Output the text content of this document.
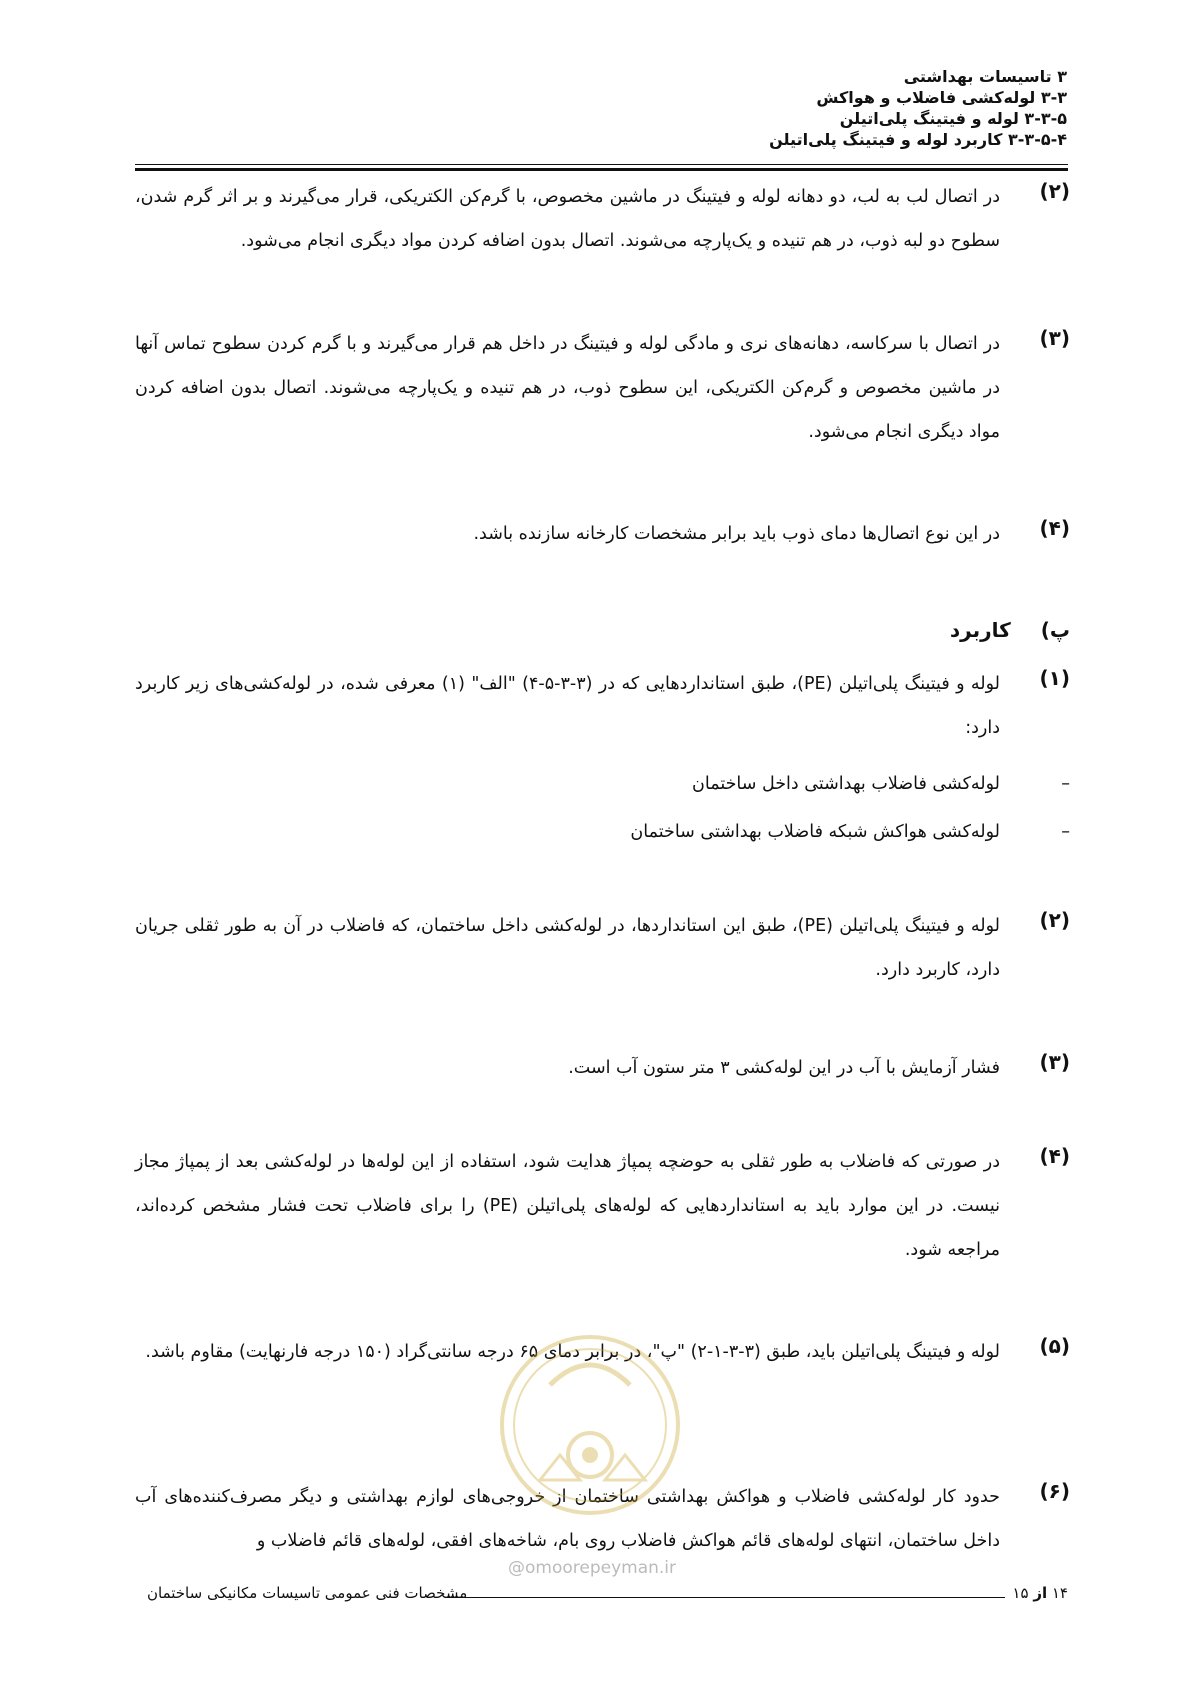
۳ تاسیسات بهداشتی
۳-۳ لوله‌کشی فاضلاب و هواکش
۳-۳-۵ لوله و فیتینگ پلی‌اتیلن
۳-۳-۵-۴ کاربرد لوله و فیتینگ پلی‌اتیلن
(۲)
در اتصال لب به لب، دو دهانه لوله و فیتینگ در ماشین مخصوص، با گرم‌کن الکتریکی، قرار می‌گیرند و بر اثر گرم شدن، سطوح دو لبه ذوب، در هم تنیده و یک‌پارچه می‌شوند. اتصال بدون اضافه کردن مواد دیگری انجام می‌شود.
(۳)
در اتصال با سرکاسه، دهانه‌های نری و مادگی لوله و فیتینگ در داخل هم قرار می‌گیرند و با گرم کردن سطوح تماس آنها در ماشین مخصوص و گرم‌کن الکتریکی، این سطوح ذوب، در هم تنیده و یک‌پارچه می‌شوند. اتصال بدون اضافه کردن مواد دیگری انجام می‌شود.
(۴)
در این نوع اتصال‌ها دمای ذوب باید برابر مشخصات کارخانه سازنده باشد.
پ)
کاربرد
(۱)
لوله و فیتینگ پلی‌اتیلن (PE)، طبق استانداردهایی که در (۳-۳-۵-۴) "الف" (۱) معرفی شده، در لوله‌کشی‌های زیر کاربرد دارد:
–لوله‌کشی فاضلاب بهداشتی داخل ساختمان
–لوله‌کشی هواکش شبکه فاضلاب بهداشتی ساختمان
(۲)
لوله و فیتینگ پلی‌اتیلن (PE)، طبق این استانداردها، در لوله‌کشی داخل ساختمان، که فاضلاب در آن به طور ثقلی جریان دارد، کاربرد دارد.
(۳)
فشار آزمایش با آب در این لوله‌کشی ۳ متر ستون آب است.
(۴)
در صورتی که فاضلاب به طور ثقلی به حوضچه پمپاژ هدایت شود، استفاده از این لوله‌ها در لوله‌کشی بعد از پمپاژ مجاز نیست. در این موارد باید به استانداردهایی که لوله‌های پلی‌اتیلن (PE) را برای فاضلاب تحت فشار مشخص کرده‌اند، مراجعه شود.
(۵)
لوله و فیتینگ پلی‌اتیلن باید، طبق (۳-۳-۱-۲) "پ"، در برابر دمای ۶۵ درجه سانتی‌گراد (۱۵۰ درجه فارنهایت) مقاوم باشد.
(۶)
حدود کار لوله‌کشی فاضلاب و هواکش بهداشتی ساختمان از خروجی‌های لوازم بهداشتی و دیگر مصرف‌کننده‌های آب داخل ساختمان، انتهای لوله‌های قائم هواکش فاضلاب روی بام، شاخه‌های افقی، لوله‌های قائم فاضلاب و
@omoorepeyman.ir
۱۴ از ۱۵
مشخصات فنی عمومی تاسیسات مکانیکی ساختمان
